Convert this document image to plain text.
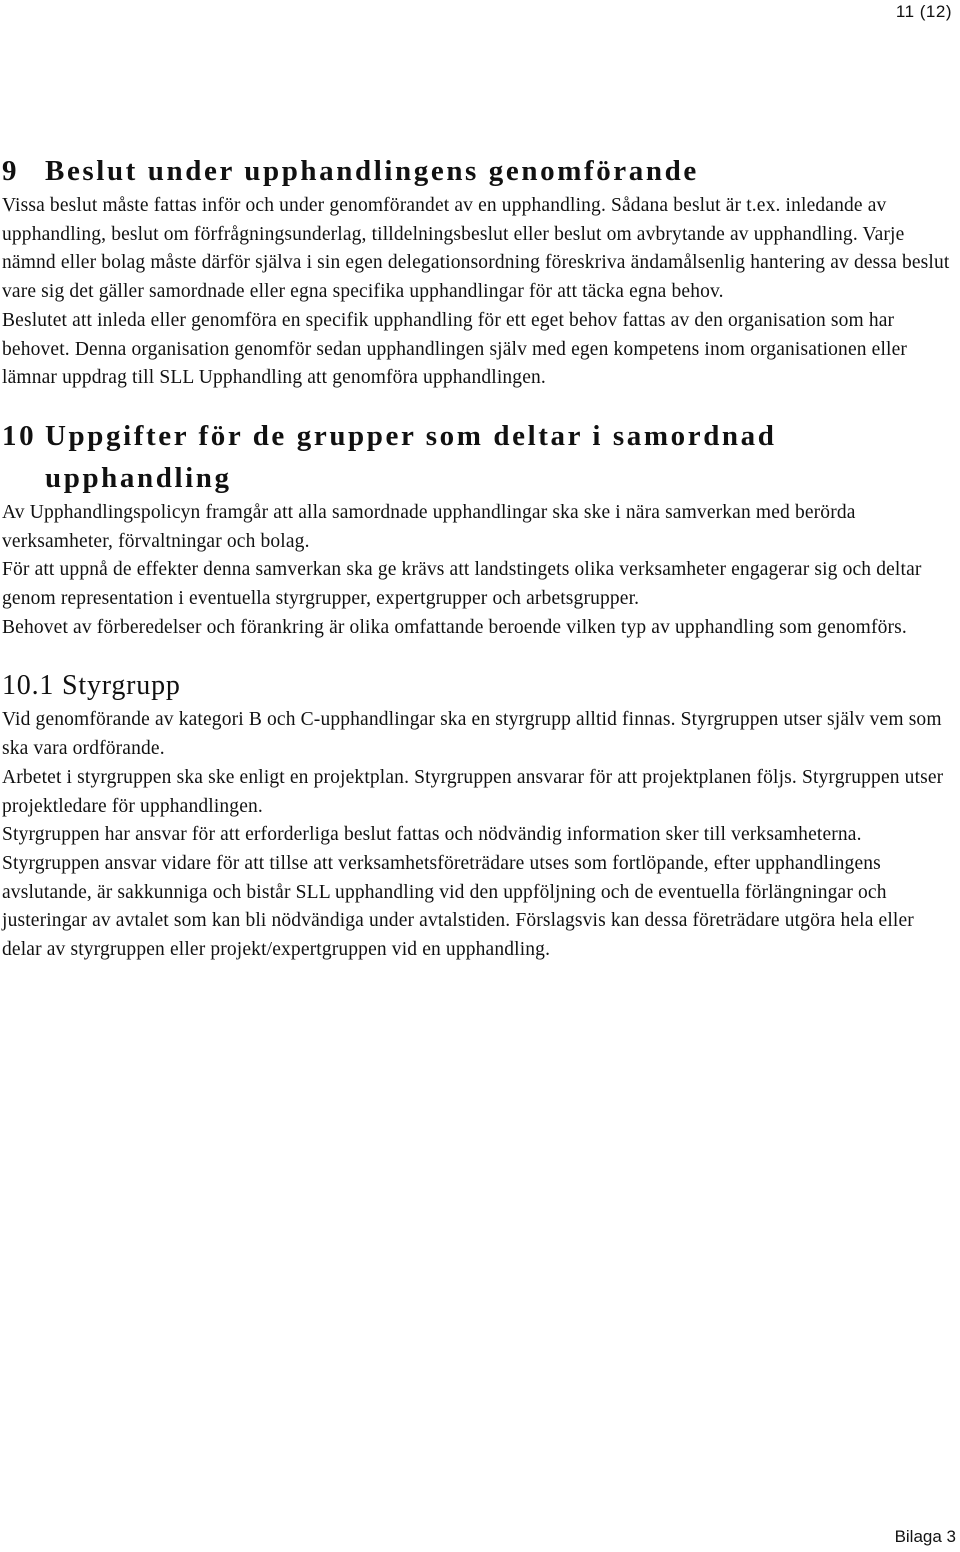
11 (12)
9 Beslut under upphandlingens genomförande

Vissa beslut måste fattas inför och under genomförandet av en upphandling. Sådana beslut är t.ex. inledande av upphandling, beslut om förfrågningsunderlag, tilldelningsbeslut eller beslut om avbrytande av upphandling. Varje nämnd eller bolag måste därför själva i sin egen delegationsordning föreskriva ändamålsenlig hantering av dessa beslut vare sig det gäller samordnade eller egna specifika upphandlingar för att täcka egna behov.

Beslutet att inleda eller genomföra en specifik upphandling för ett eget behov fattas av den organisation som har behovet. Denna organisation genomför sedan upphandlingen själv med egen kompetens inom organisationen eller lämnar uppdrag till SLL Upphandling att genomföra upphandlingen.

10 Uppgifter för de grupper som deltar i samordnad upphandling

Av Upphandlingspolicyn framgår att alla samordnade upphandlingar ska ske i nära samverkan med berörda verksamheter, förvaltningar och bolag.

För att uppnå de effekter denna samverkan ska ge krävs att landstingets olika verksamheter engagerar sig och deltar genom representation i eventuella styrgrupper, expertgrupper och arbetsgrupper.

Behovet av förberedelser och förankring är olika omfattande beroende vilken typ av upphandling som genomförs.

10.1 Styrgrupp

Vid genomförande av kategori B och C-upphandlingar ska en styrgrupp alltid finnas. Styrgruppen utser själv vem som ska vara ordförande.

Arbetet i styrgruppen ska ske enligt en projektplan. Styrgruppen ansvarar för att projektplanen följs. Styrgruppen utser projektledare för upphandlingen.

Styrgruppen har ansvar för att erforderliga beslut fattas och nödvändig information sker till verksamheterna.

Styrgruppen ansvar vidare för att tillse att verksamhetsföreträdare utses som fortlöpande, efter upphandlingens avslutande, är sakkunniga och bistår SLL upphandling vid den uppföljning och de eventuella förlängningar och justeringar av avtalet som kan bli nödvändiga under avtalstiden. Förslagsvis kan dessa företrädare utgöra hela eller delar av styrgruppen eller projekt/expertgruppen vid en upphandling.

Bilaga 3
